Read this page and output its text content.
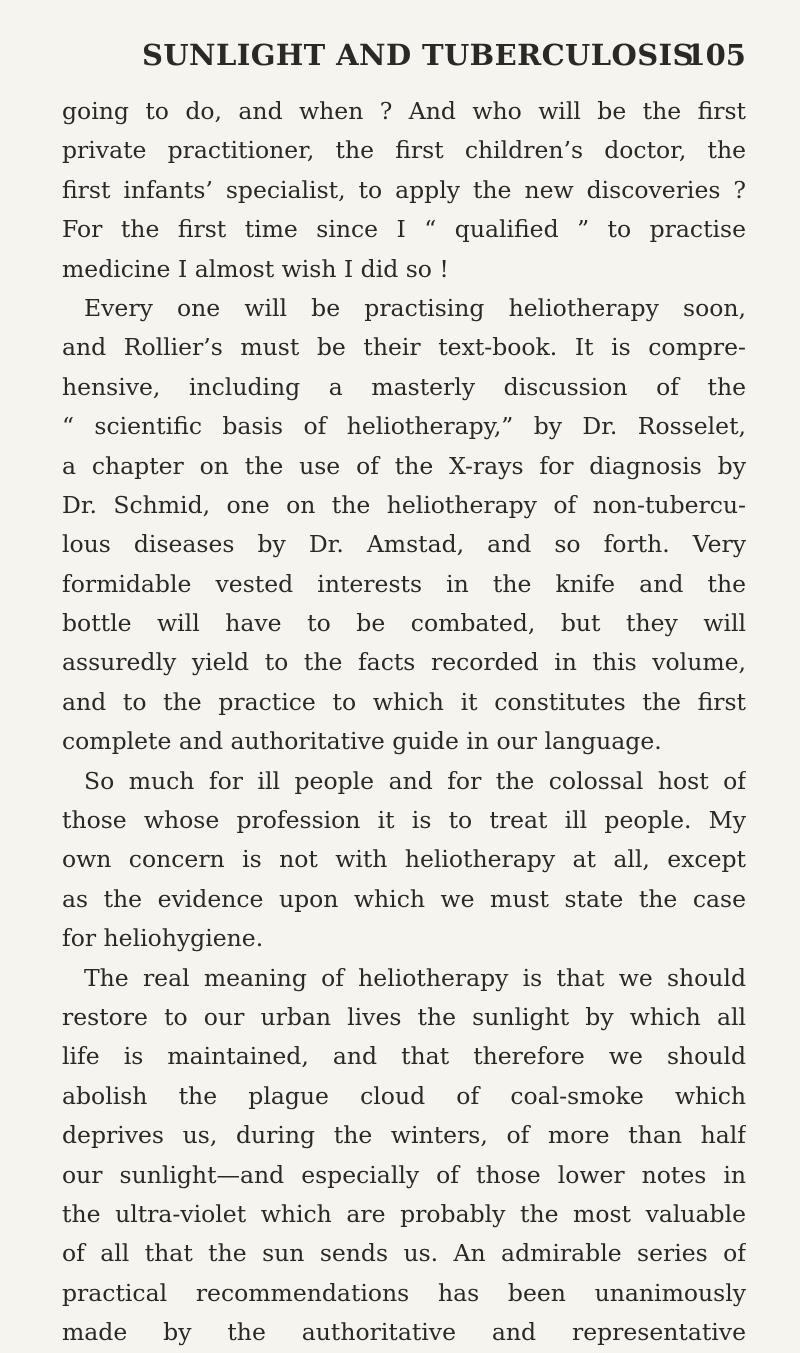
SUNLIGHT AND TUBERCULOSIS
105
going to do, and when ? And who will be the first
private practitioner, the first children’s doctor, the
first infants’ specialist, to apply the new discoveries ?
For the first time since I “ qualified ” to practise
medicine I almost wish I did so !
Every one will be practising heliotherapy soon,
and Rollier’s must be their text-book. It is compre-
hensive, including a masterly discussion of the
“ scientific basis of heliotherapy,” by Dr. Rosselet,
a chapter on the use of the X-rays for diagnosis by
Dr. Schmid, one on the heliotherapy of non-tubercu-
lous diseases by Dr. Amstad, and so forth. Very
formidable vested interests in the knife and the
bottle will have to be combated, but they will
assuredly yield to the facts recorded in this volume,
and to the practice to which it constitutes the first
complete and authoritative guide in our language.
So much for ill people and for the colossal host of
those whose profession it is to treat ill people. My
own concern is not with heliotherapy at all, except
as the evidence upon which we must state the case
for heliohygiene.
The real meaning of heliotherapy is that we should
restore to our urban lives the sunlight by which all
life is maintained, and that therefore we should
abolish the plague cloud of coal-smoke which
deprives us, during the winters, of more than half
our sunlight—and especially of those lower notes in
the ultra-violet which are probably the most valuable
of all that the sun sends us. An admirable series of
practical recommendations has been unanimously
made by the authoritative and representative
